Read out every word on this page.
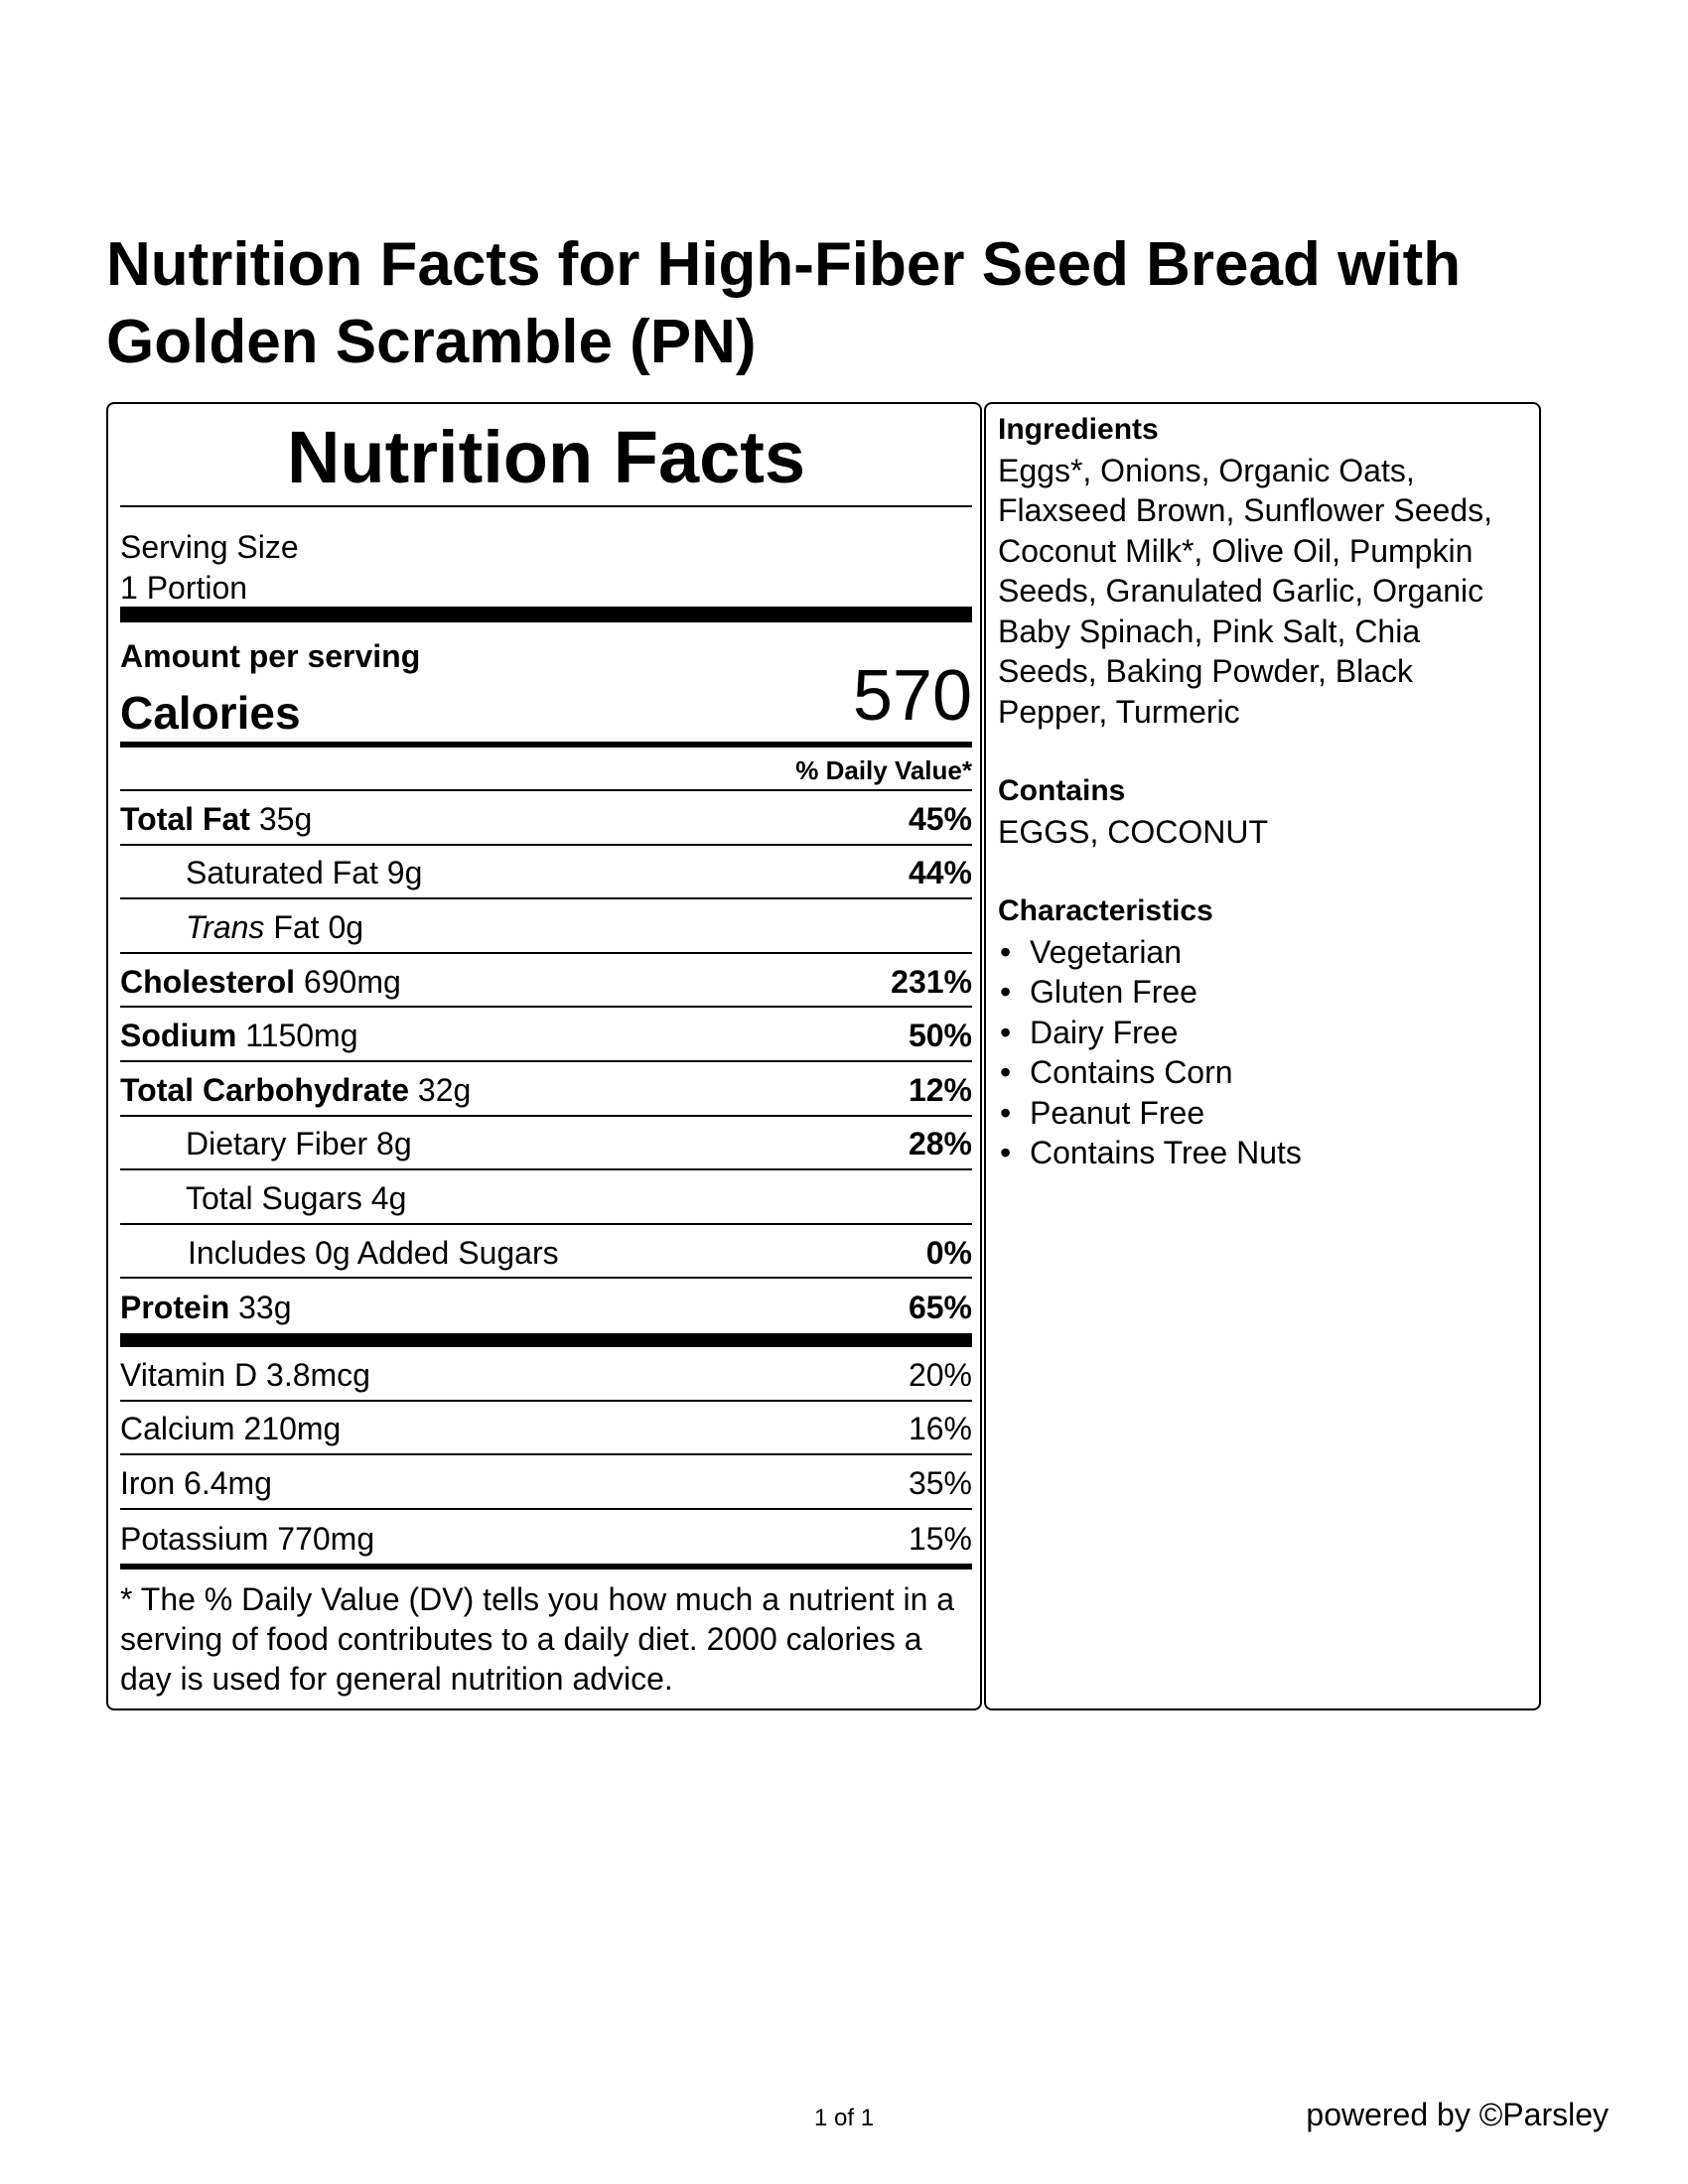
Nutrition Facts for High-Fiber Seed Bread with Golden Scramble (PN)
Nutrition Facts
Serving Size
1 Portion
Amount per serving
Calories	570
% Daily Value*
Total Fat 35g	45%
Saturated Fat 9g	44%
Trans Fat 0g
Cholesterol 690mg	231%
Sodium 1150mg	50%
Total Carbohydrate 32g	12%
Dietary Fiber 8g	28%
Total Sugars 4g
Includes 0g Added Sugars	0%
Protein 33g	65%
Vitamin D 3.8mcg	20%
Calcium 210mg	16%
Iron 6.4mg	35%
Potassium 770mg	15%
* The % Daily Value (DV) tells you how much a nutrient in a serving of food contributes to a daily diet. 2000 calories a day is used for general nutrition advice.
Ingredients
Eggs*, Onions, Organic Oats, Flaxseed Brown, Sunflower Seeds, Coconut Milk*, Olive Oil, Pumpkin Seeds, Granulated Garlic, Organic Baby Spinach, Pink Salt, Chia Seeds, Baking Powder, Black Pepper, Turmeric
Contains
EGGS, COCONUT
Characteristics
• Vegetarian
• Gluten Free
• Dairy Free
• Contains Corn
• Peanut Free
• Contains Tree Nuts
1 of 1	powered by ©Parsley
